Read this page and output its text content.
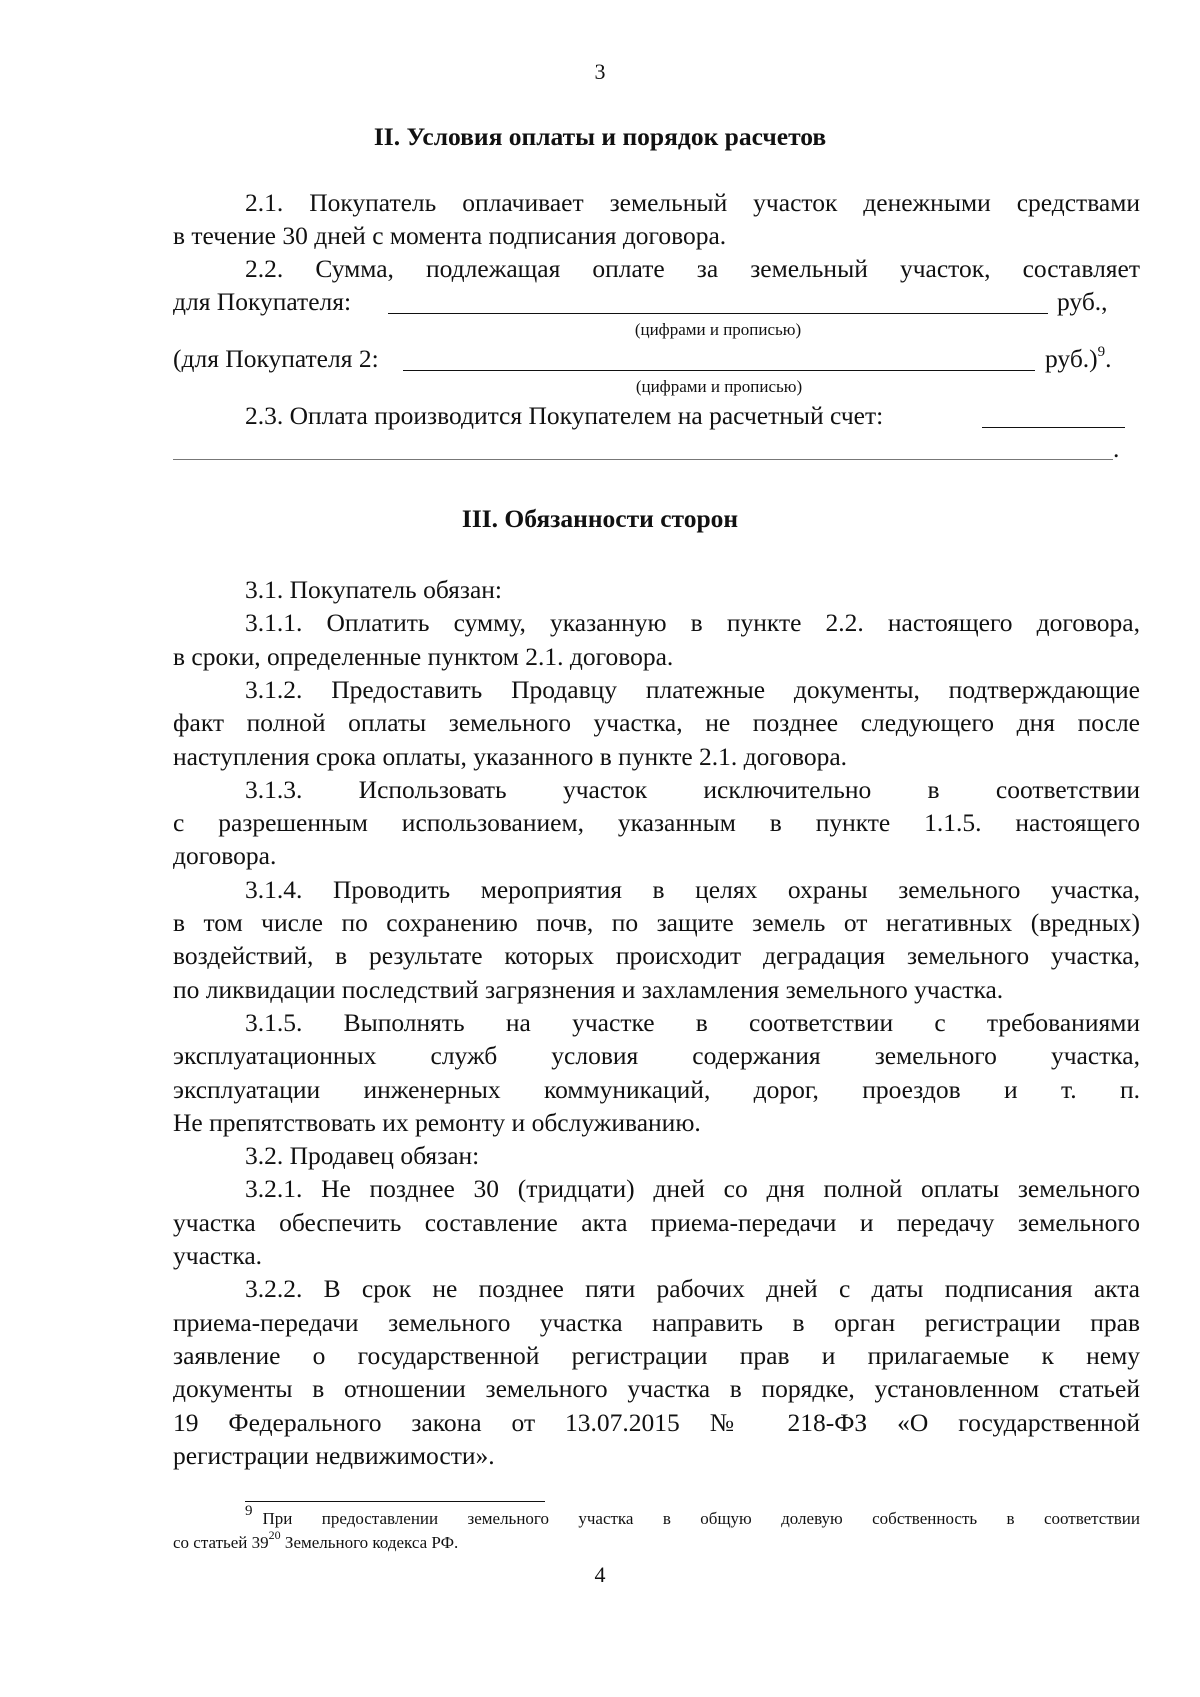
3
II. Условия оплаты и порядок расчетов
2.1. Покупатель оплачивает земельный участок денежными средствами
в течение 30 дней с момента подписания договора.
2.2. Сумма, подлежащая оплате за земельный участок, составляет
для Покупателя:	руб.,
(цифрами и прописью)
(для Покупателя 2:	руб.)$^9$.
(цифрами и прописью)
2.3. Оплата производится Покупателем на расчетный счет:
.
III. Обязанности сторон
3.1. Покупатель обязан:
3.1.1. Оплатить сумму, указанную в пункте 2.2. настоящего договора,
в сроки, определенные пунктом 2.1. договора.
3.1.2. Предоставить Продавцу платежные документы, подтверждающие
факт полной оплаты земельного участка, не позднее следующего дня после
наступления срока оплаты, указанного в пункте 2.1. договора.
3.1.3. Использовать участок исключительно в соответствии
с разрешенным использованием, указанным в пункте 1.1.5. настоящего
договора.
3.1.4. Проводить мероприятия в целях охраны земельного участка,
в том числе по сохранению почв, по защите земель от негативных (вредных)
воздействий, в результате которых происходит деградация земельного участка,
по ликвидации последствий загрязнения и захламления земельного участка.
3.1.5. Выполнять на участке в соответствии с требованиями
эксплуатационных служб условия содержания земельного участка,
эксплуатации инженерных коммуникаций, дорог, проездов и т. п.
Не препятствовать их ремонту и обслуживанию.
3.2. Продавец обязан:
3.2.1. Не позднее 30 (тридцати) дней со дня полной оплаты земельного
участка обеспечить составление акта приема-передачи и передачу земельного
участка.
3.2.2. В срок не позднее пяти рабочих дней с даты подписания акта
приема-передачи земельного участка направить в орган регистрации прав
заявление о государственной регистрации прав и прилагаемые к нему
документы в отношении земельного участка в порядке, установленном статьей
19 Федерального закона от 13.07.2015 № 218-ФЗ «О государственной
регистрации недвижимости».
$^9$ При предоставлении земельного участка в общую долевую собственность в соответствии
со статьей $39^{20}$ Земельного кодекса РФ.
4
